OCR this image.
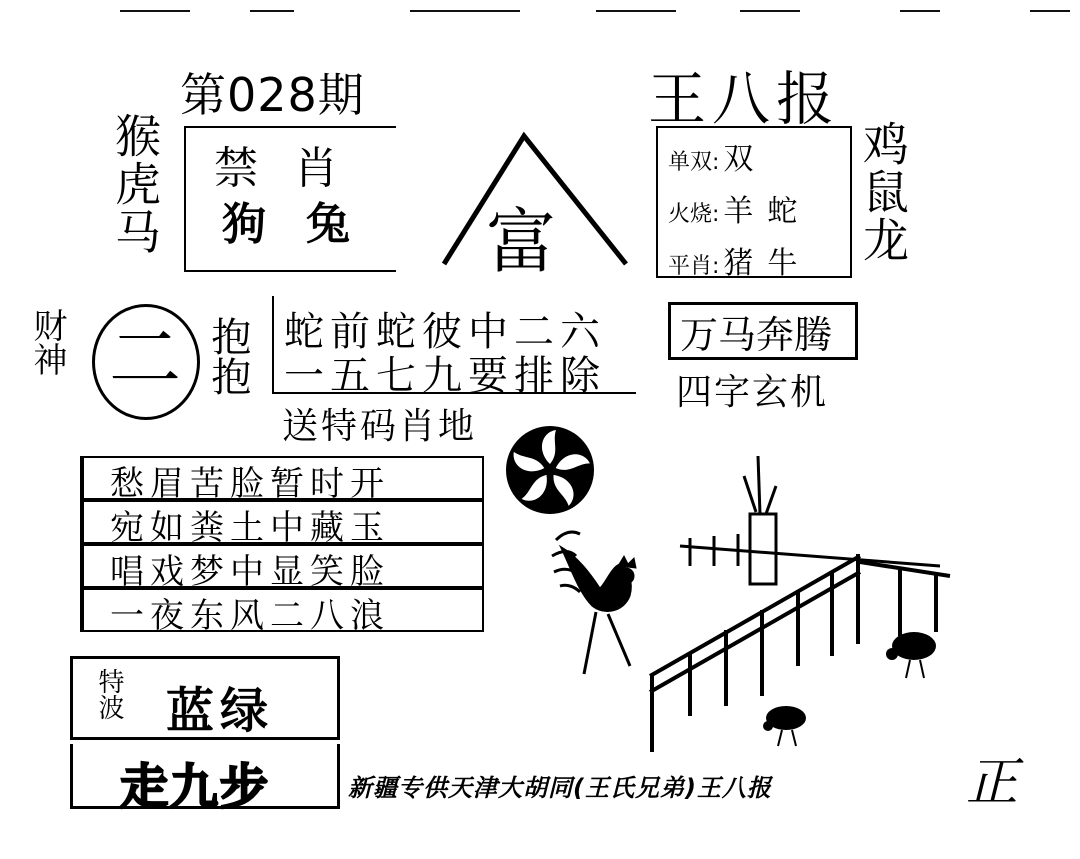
第028期
猴虎马	鸡鼠龙
禁肖
狗兔
王八报
富
单双: 双
火烧: 羊蛇
平肖: 猪牛
财神 二 抱抱 蛇前蛇彼中二六
一五七九要排除
送特码肖地
万马奔腾
四字玄机
愁眉苦脸暂时开
宛如粪土中藏玉
唱戏梦中显笑脸
一夜东风二八浪
特波 蓝绿
走九步	新疆专供天津大胡同(王氏兄弟)王八报	正
